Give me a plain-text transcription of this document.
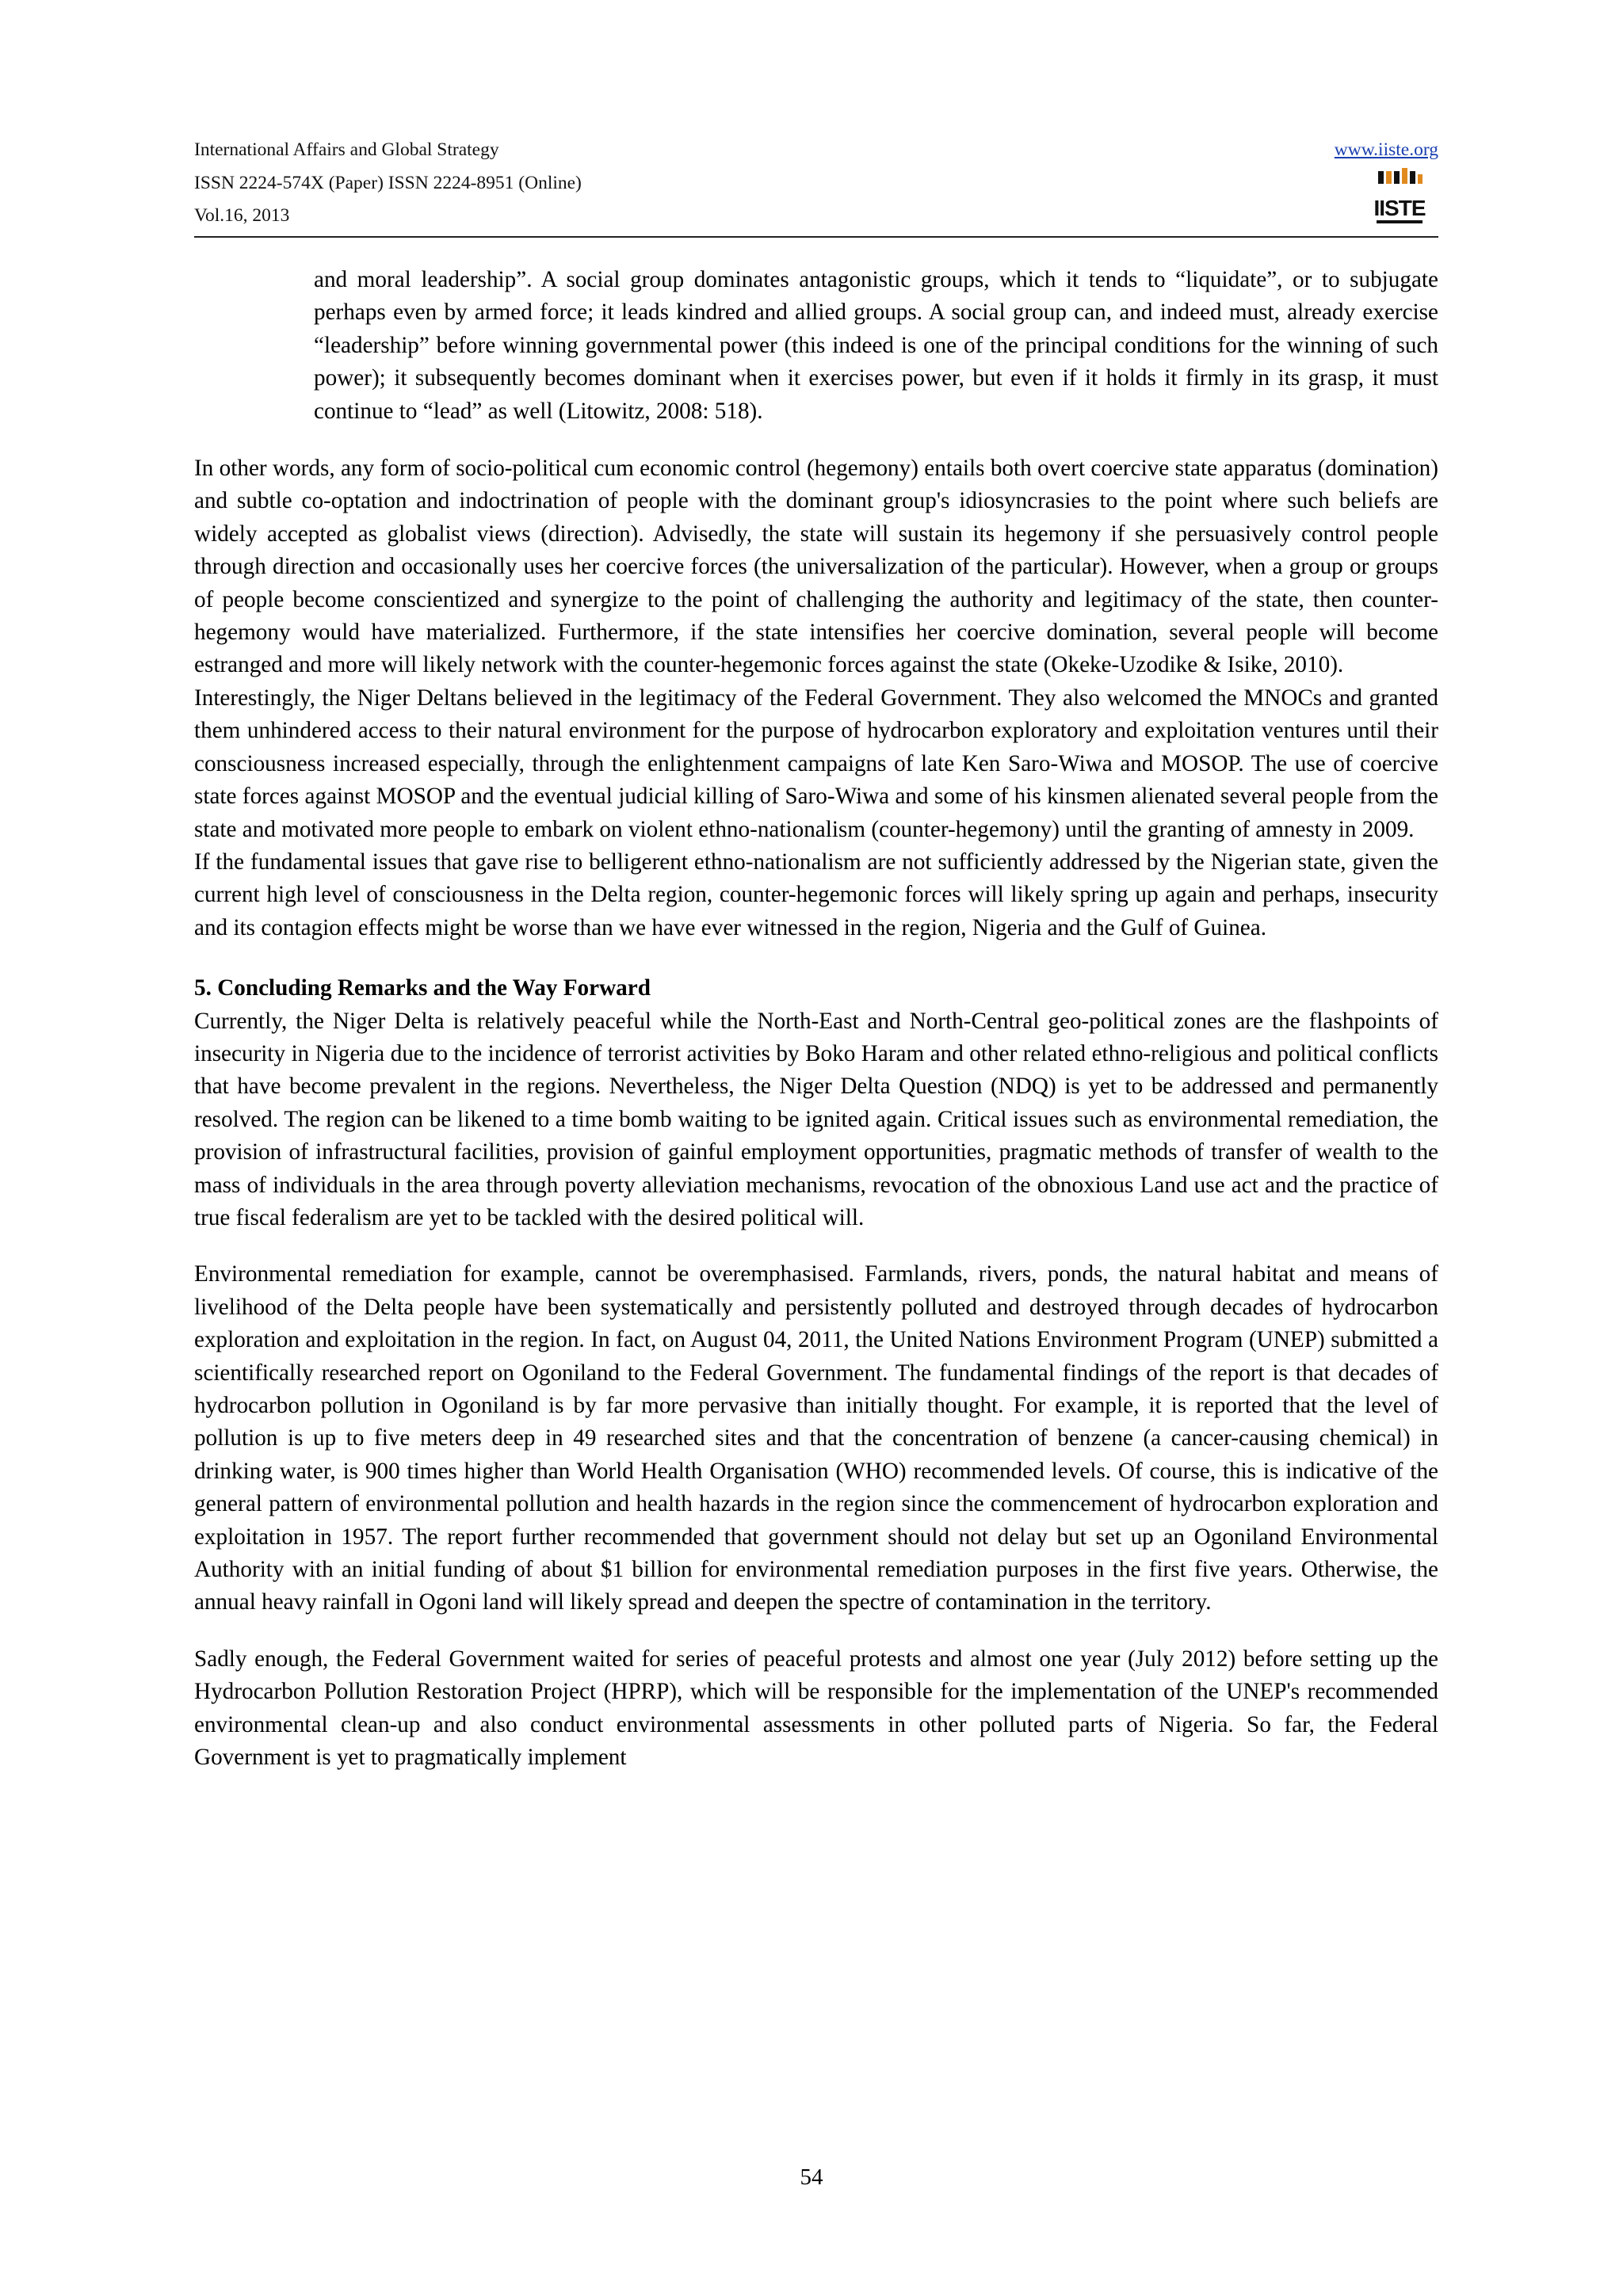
International Affairs and Global Strategy
ISSN 2224-574X (Paper) ISSN 2224-8951 (Online)
Vol.16, 2013
www.iiste.org
IISTE

and moral leadership”. A social group dominates antagonistic groups, which it tends to “liquidate”, or to subjugate perhaps even by armed force; it leads kindred and allied groups. A social group can, and indeed must, already exercise “leadership” before winning governmental power (this indeed is one of the principal conditions for the winning of such power); it subsequently becomes dominant when it exercises power, but even if it holds it firmly in its grasp, it must continue to “lead” as well (Litowitz, 2008: 518).

In other words, any form of socio-political cum economic control (hegemony) entails both overt coercive state apparatus (domination) and subtle co-optation and indoctrination of people with the dominant group's idiosyncrasies to the point where such beliefs are widely accepted as globalist views (direction). Advisedly, the state will sustain its hegemony if she persuasively control people through direction and occasionally uses her coercive forces (the universalization of the particular). However, when a group or groups of people become conscientized and synergize to the point of challenging the authority and legitimacy of the state, then counter-hegemony would have materialized. Furthermore, if the state intensifies her coercive domination, several people will become estranged and more will likely network with the counter-hegemonic forces against the state (Okeke-Uzodike & Isike, 2010).

Interestingly, the Niger Deltans believed in the legitimacy of the Federal Government. They also welcomed the MNOCs and granted them unhindered access to their natural environment for the purpose of hydrocarbon exploratory and exploitation ventures until their consciousness increased especially, through the enlightenment campaigns of late Ken Saro-Wiwa and MOSOP. The use of coercive state forces against MOSOP and the eventual judicial killing of Saro-Wiwa and some of his kinsmen alienated several people from the state and motivated more people to embark on violent ethno-nationalism (counter-hegemony) until the granting of amnesty in 2009.

If the fundamental issues that gave rise to belligerent ethno-nationalism are not sufficiently addressed by the Nigerian state, given the current high level of consciousness in the Delta region, counter-hegemonic forces will likely spring up again and perhaps, insecurity and its contagion effects might be worse than we have ever witnessed in the region, Nigeria and the Gulf of Guinea.

5. Concluding Remarks and the Way Forward

Currently, the Niger Delta is relatively peaceful while the North-East and North-Central geo-political zones are the flashpoints of insecurity in Nigeria due to the incidence of terrorist activities by Boko Haram and other related ethno-religious and political conflicts that have become prevalent in the regions. Nevertheless, the Niger Delta Question (NDQ) is yet to be addressed and permanently resolved. The region can be likened to a time bomb waiting to be ignited again. Critical issues such as environmental remediation, the provision of infrastructural facilities, provision of gainful employment opportunities, pragmatic methods of transfer of wealth to the mass of individuals in the area through poverty alleviation mechanisms, revocation of the obnoxious Land use act and the practice of true fiscal federalism are yet to be tackled with the desired political will.

Environmental remediation for example, cannot be overemphasised. Farmlands, rivers, ponds, the natural habitat and means of livelihood of the Delta people have been systematically and persistently polluted and destroyed through decades of hydrocarbon exploration and exploitation in the region. In fact, on August 04, 2011, the United Nations Environment Program (UNEP) submitted a scientifically researched report on Ogoniland to the Federal Government. The fundamental findings of the report is that decades of hydrocarbon pollution in Ogoniland is by far more pervasive than initially thought. For example, it is reported that the level of pollution is up to five meters deep in 49 researched sites and that the concentration of benzene (a cancer-causing chemical) in drinking water, is 900 times higher than World Health Organisation (WHO) recommended levels. Of course, this is indicative of the general pattern of environmental pollution and health hazards in the region since the commencement of hydrocarbon exploration and exploitation in 1957. The report further recommended that government should not delay but set up an Ogoniland Environmental Authority with an initial funding of about $1 billion for environmental remediation purposes in the first five years. Otherwise, the annual heavy rainfall in Ogoni land will likely spread and deepen the spectre of contamination in the territory.

Sadly enough, the Federal Government waited for series of peaceful protests and almost one year (July 2012) before setting up the Hydrocarbon Pollution Restoration Project (HPRP), which will be responsible for the implementation of the UNEP's recommended environmental clean-up and also conduct environmental assessments in other polluted parts of Nigeria. So far, the Federal Government is yet to pragmatically implement

54
